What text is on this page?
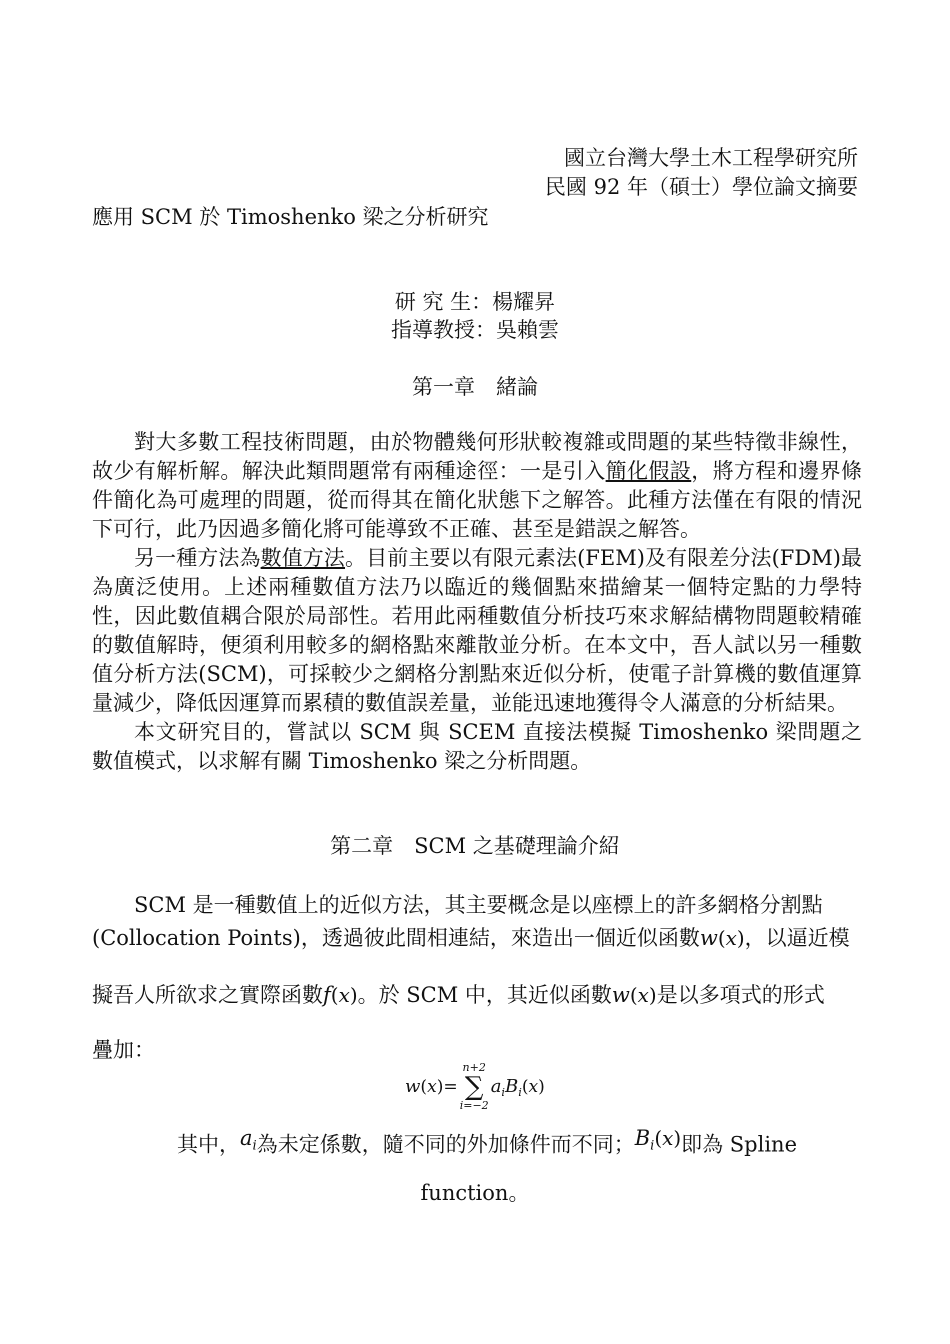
國立台灣大學土木工程學研究所
民國 92 年（碩士）學位論文摘要
應用 SCM 於 Timoshenko 梁之分析研究
研 究 生：楊耀昇
指導教授：吳賴雲
第一章　緒論

對大多數工程技術問題，由於物體幾何形狀較複雜或問題的某些特徵非線性，故少有解析解。解決此類問題常有兩種途徑：一是引入簡化假設，將方程和邊界條件簡化為可處理的問題，從而得其在簡化狀態下之解答。此種方法僅在有限的情況下可行，此乃因過多簡化將可能導致不正確、甚至是錯誤之解答。

另一種方法為數值方法。目前主要以有限元素法(FEM)及有限差分法(FDM)最為廣泛使用。上述兩種數值方法乃以臨近的幾個點來描繪某一個特定點的力學特性，因此數值耦合限於局部性。若用此兩種數值分析技巧來求解結構物問題較精確的數值解時，便須利用較多的網格點來離散並分析。在本文中，吾人試以另一種數值分析方法(SCM)，可採較少之網格分割點來近似分析，使電子計算機的數值運算量減少，降低因運算而累積的數值誤差量，並能迅速地獲得令人滿意的分析結果。

本文研究目的，嘗試以 SCM 與 SCEM 直接法模擬 Timoshenko 梁問題之數值模式，以求解有關 Timoshenko 梁之分析問題。

第二章　SCM 之基礎理論介紹
SCM 是一種數值上的近似方法，其主要概念是以座標上的許多網格分割點
(Collocation Points)，透過彼此間相連結，來造出一個近似函數w(x)，以逼近模
擬吾人所欲求之實際函數f(x)。於 SCM 中，其近似函數w(x)是以多項式的形式
疊加：
w(x)=
n+2
∑
i=−2
$a_iB_i(x)$
其中，$a_i$為未定係數，隨不同的外加條件而不同；$B_i(x)$即為 Spline
function。
